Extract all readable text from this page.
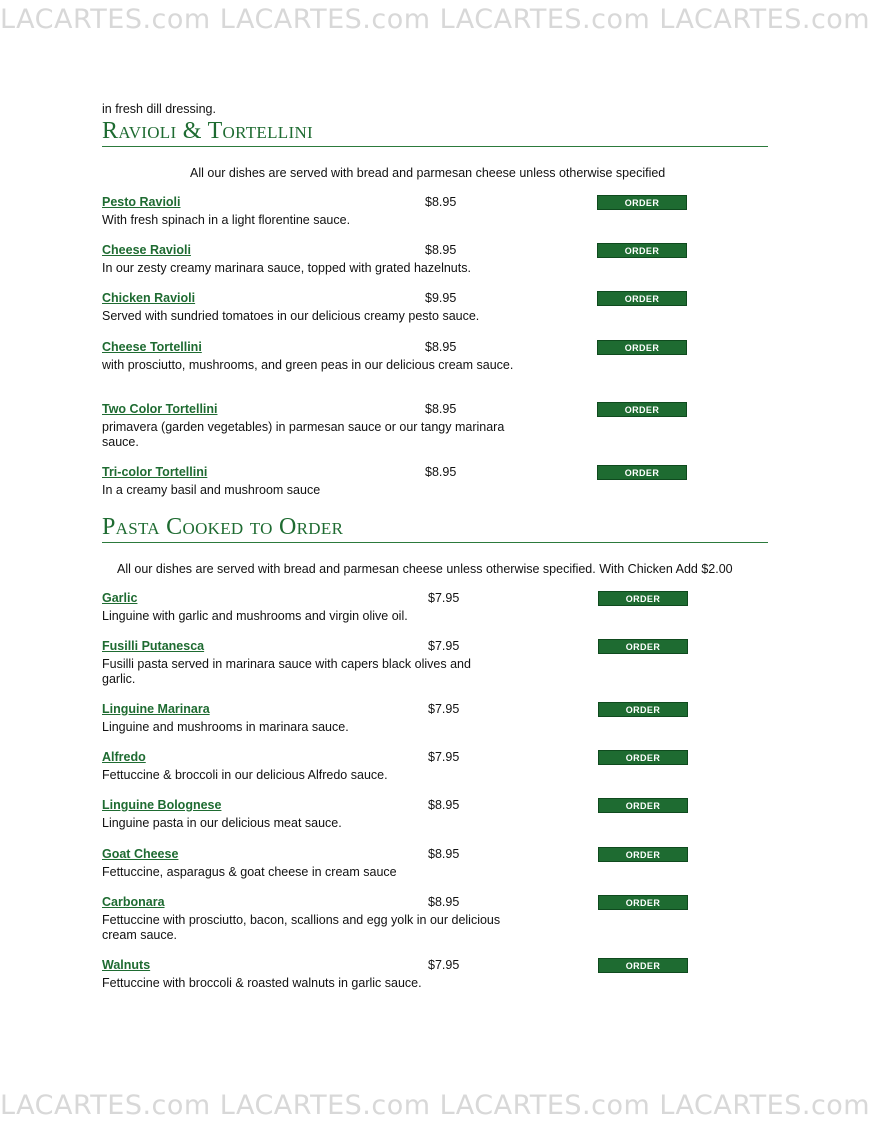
LACARTES.com LACARTES.com LACARTES.com LACARTES.com
in fresh dill dressing.
Ravioli & Tortellini
All our dishes are served with bread and parmesan cheese unless otherwise specified
Pesto Ravioli	$8.95
With fresh spinach in a light florentine sauce.
ORDER
Cheese Ravioli	$8.95
In our zesty creamy marinara sauce, topped with grated hazelnuts.
ORDER
Chicken Ravioli	$9.95
Served with sundried tomatoes in our delicious creamy pesto sauce.
ORDER
Cheese Tortellini	$8.95
with prosciutto, mushrooms, and green peas in our delicious cream sauce.
ORDER
Two Color Tortellini	$8.95
primavera (garden vegetables) in parmesan sauce or our tangy marinara sauce.
ORDER
Tri-color Tortellini	$8.95
In a creamy basil and mushroom sauce
ORDER
Pasta Cooked to Order
All our dishes are served with bread and parmesan cheese unless otherwise specified. With Chicken Add $2.00
Garlic	$7.95
Linguine with garlic and mushrooms and virgin olive oil.
ORDER
Fusilli Putanesca	$7.95
Fusilli pasta served in marinara sauce with capers black olives and garlic.
ORDER
Linguine Marinara	$7.95
Linguine and mushrooms in marinara sauce.
ORDER
Alfredo	$7.95
Fettuccine & broccoli in our delicious Alfredo sauce.
ORDER
Linguine Bolognese	$8.95
Linguine pasta in our delicious meat sauce.
ORDER
Goat Cheese	$8.95
Fettuccine, asparagus & goat cheese in cream sauce
ORDER
Carbonara	$8.95
Fettuccine with prosciutto, bacon, scallions and egg yolk in our delicious cream sauce.
ORDER
Walnuts	$7.95
Fettuccine with broccoli & roasted walnuts in garlic sauce.
ORDER
LACARTES.com LACARTES.com LACARTES.com LACARTES.com
